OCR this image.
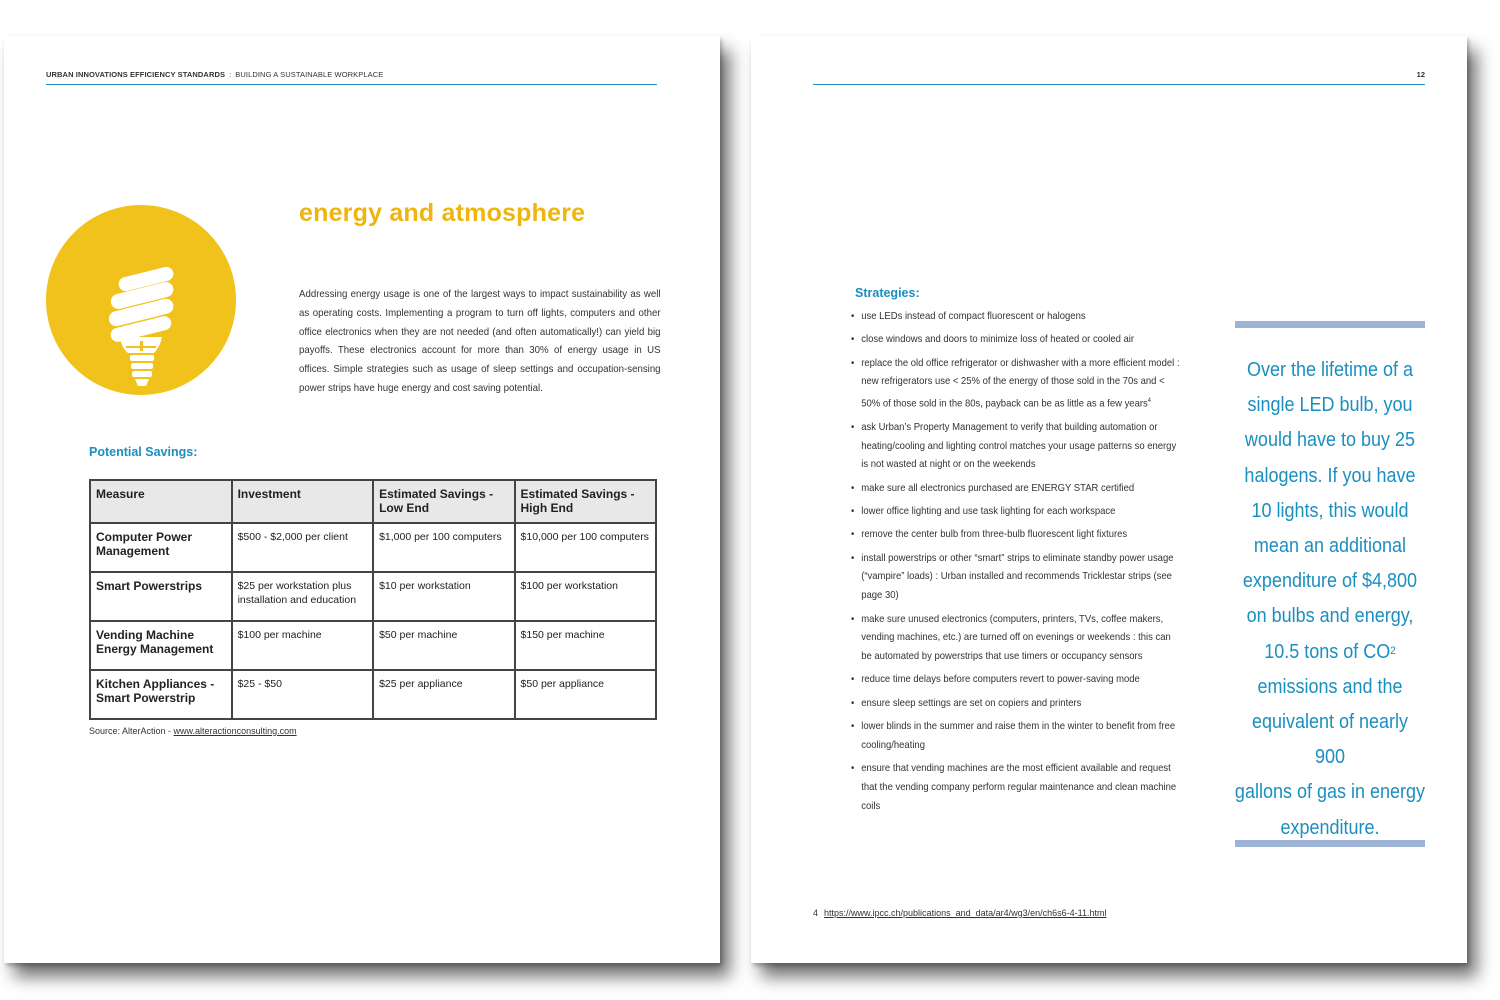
URBAN INNOVATIONS EFFICIENCY STANDARDS : BUILDING A SUSTAINABLE WORKPLACE
energy and atmosphere
Addressing energy usage is one of the largest ways to impact sustainability as well as operating costs. Implementing a program to turn off lights, computers and other office electronics when they are not needed (and often automatically!) can yield big payoffs. These electronics account for more than 30% of energy usage in US offices. Simple strategies such as usage of sleep settings and occupation-sensing power strips have huge energy and cost saving potential.
Potential Savings:
Measure	Investment	Estimated Savings - Low End	Estimated Savings - High End
Computer Power Management	$500 - $2,000 per client	$1,000 per 100 computers	$10,000 per 100 computers
Smart Powerstrips	$25 per workstation plus installation and education	$10 per workstation	$100 per workstation
Vending Machine Energy Management	$100 per machine	$50 per machine	$150 per machine
Kitchen Appliances - Smart Powerstrip	$25 - $50	$25 per appliance	$50 per appliance
Source: AlterAction - www.alteractionconsulting.com
12
Strategies:
• use LEDs instead of compact fluorescent or halogens
• close windows and doors to minimize loss of heated or cooled air
• replace the old office refrigerator or dishwasher with a more efficient model : new refrigerators use < 25% of the energy of those sold in the 70s and < 50% of those sold in the 80s, payback can be as little as a few years$^4$
• ask Urban’s Property Management to verify that building automation or heating/cooling and lighting control matches your usage patterns so energy is not wasted at night or on the weekends
• make sure all electronics purchased are ENERGY STAR certified
• lower office lighting and use task lighting for each workspace
• remove the center bulb from three-bulb fluorescent light fixtures
• install powerstrips or other “smart” strips to eliminate standby power usage (“vampire” loads) : Urban installed and recommends Tricklestar strips (see page 30)
• make sure unused electronics (computers, printers, TVs, coffee makers, vending machines, etc.) are turned off on evenings or weekends : this can be automated by powerstrips that use timers or occupancy sensors
• reduce time delays before computers revert to power-saving mode
• ensure sleep settings are set on copiers and printers
• lower blinds in the summer and raise them in the winter to benefit from free cooling/heating
• ensure that vending machines are the most efficient available and request that the vending company perform regular maintenance and clean machine coils
4 https://www.ipcc.ch/publications_and_data/ar4/wg3/en/ch6s6-4-11.html
Over the lifetime of a
single LED bulb, you
would have to buy 25
halogens. If you have
10 lights, this would
mean an additional
expenditure of $4,800
on bulbs and energy,
10.5 tons of $CO^2$
emissions and the
equivalent of nearly 900
gallons of gas in energy
expenditure.
